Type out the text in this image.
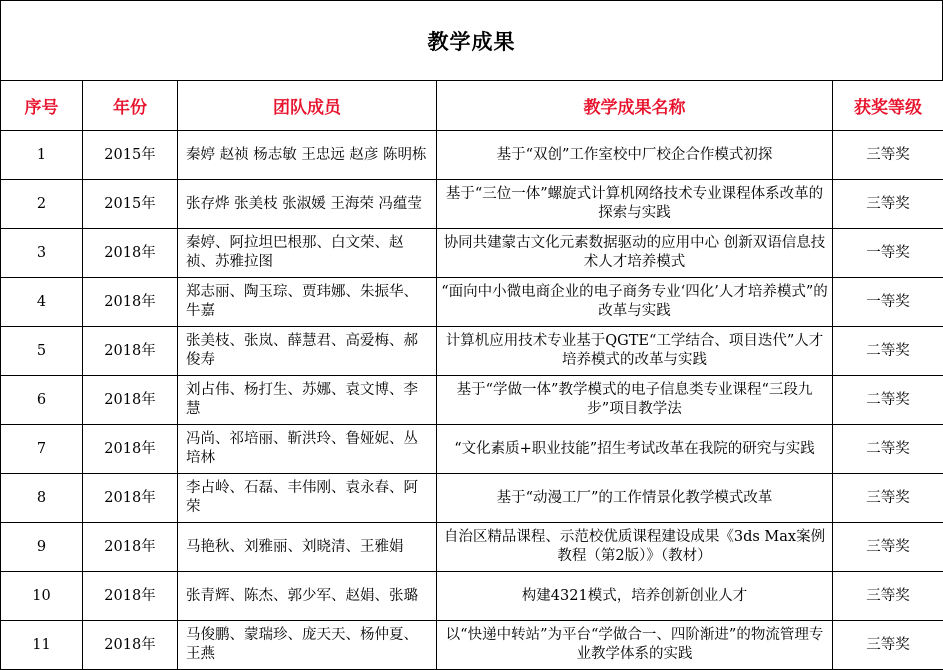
教学成果
序号	年份	团队成员	教学成果名称	获奖等级
1	2015年	秦婷 赵祯 杨志敏 王忠远 赵彦 陈明栋	基于“双创”工作室校中厂校企合作模式初探	三等奖
2	2015年	张存烨 张美枝 张淑媛 王海荣 冯蕴莹	基于“三位一体”螺旋式计算机网络技术专业课程体系改革的探索与实践	三等奖
3	2018年	秦婷、阿拉坦巴根那、白文荣、赵祯、苏雅拉图	协同共建蒙古文化元素数据驱动的应用中心 创新双语信息技术人才培养模式	一等奖
4	2018年	郑志丽、陶玉琮、贾玮娜、朱振华、牛嘉	“面向中小微电商企业的电子商务专业‘四化’人才培养模式”的改革与实践	一等奖
5	2018年	张美枝、张岚、薛慧君、高爱梅、郝俊寿	计算机应用技术专业基于QGTE“工学结合、项目迭代”人才培养模式的改革与实践	二等奖
6	2018年	刘占伟、杨打生、苏娜、袁文博、李慧	基于“学做一体”教学模式的电子信息类专业课程“三段九步”项目教学法	二等奖
7	2018年	冯尚、祁培丽、靳洪玲、鲁娅妮、丛培林	“文化素质+职业技能”招生考试改革在我院的研究与实践	二等奖
8	2018年	李占岭、石磊、丰伟刚、袁永春、阿荣	基于“动漫工厂”的工作情景化教学模式改革	三等奖
9	2018年	马艳秋、刘雅丽、刘晓清、王雅娟	自治区精品课程、示范校优质课程建设成果《3ds Max案例教程（第2版）》（教材）	三等奖
10	2018年	张青辉、陈杰、郭少军、赵娟、张璐	构建4321模式，培养创新创业人才	三等奖
11	2018年	马俊鹏、蒙瑞珍、庞天天、杨仲夏、王燕	以“快递中转站”为平台“学做合一、四阶渐进”的物流管理专业教学体系的实践	三等奖
